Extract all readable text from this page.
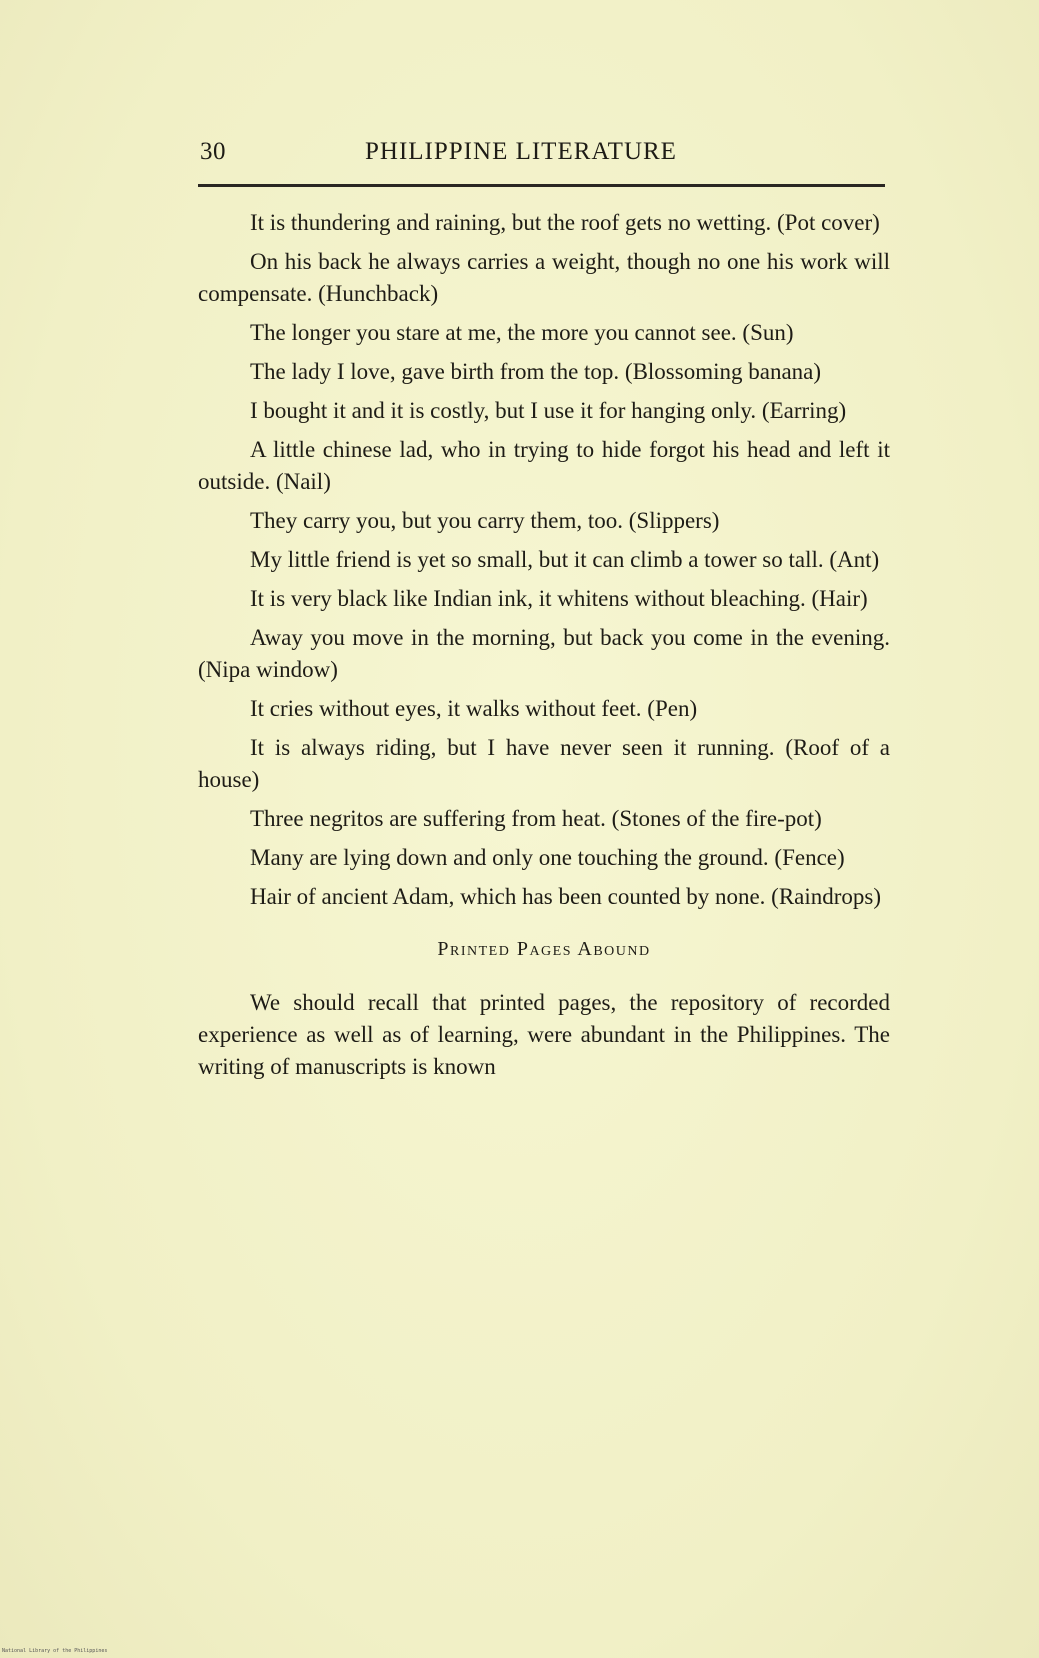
30	PHILIPPINE LITERATURE

It is thundering and raining, but the roof gets no wetting. (Pot cover)

On his back he always carries a weight, though no one his work will compensate. (Hunchback)

The longer you stare at me, the more you cannot see. (Sun)

The lady I love, gave birth from the top. (Blossoming banana)

I bought it and it is costly, but I use it for hanging only. (Earring)

A little chinese lad, who in trying to hide forgot his head and left it outside. (Nail)

They carry you, but you carry them, too. (Slippers)

My little friend is yet so small, but it can climb a tower so tall. (Ant)

It is very black like Indian ink, it whitens without bleaching. (Hair)

Away you move in the morning, but back you come in the evening. (Nipa window)

It cries without eyes, it walks without feet. (Pen)

It is always riding, but I have never seen it running. (Roof of a house)

Three negritos are suffering from heat. (Stones of the fire-pot)

Many are lying down and only one touching the ground. (Fence)

Hair of ancient Adam, which has been counted by none. (Raindrops)

Printed Pages Abound

We should recall that printed pages, the repository of recorded experience as well as of learning, were abundant in the Philippines. The writing of manuscripts is known

National Library of the Philippines
